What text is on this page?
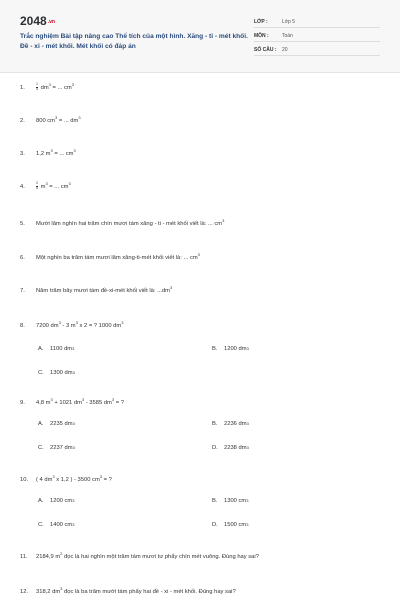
2048.vn
Trắc nghiệm Bài tập nâng cao Thể tích của một hình. Xăng - ti - mét khối. Đề - xi - mét khối. Mét khối có đáp án
LỚP :	Lớp 5
MÔN :	Toán
SỐ CÂU :	20
1.	$\frac{1}{4} dm^3$ = ... $cm^3$
2.	800 $cm^3$ = ... $dm^3$
3.	1,2 $m^3$ = ... $cm^3$
4.	$\frac{2}{5} m^3$ = ... $cm^3$
5.	Mười lăm nghìn hai trăm chín mươi tám xăng - ti - mét khối viết là: ... $cm^3$
6.	Một nghìn ba trăm tám mươi lăm xăng-ti-mét khối viết là: ... $cm^3$
7.	Năm trăm bảy mươi tám đề-xi-mét khối viết là: $...dm^3$
8.	7200 $dm^3 - 3$ $m^3$ x 2 = ? 1000 $dm^3$
A.	1100 dm 3	B.	1200 dm 3
C.	1300 dm 3
9.	4,8 $m^3 + 1021$ $dm^3 - 3585$ $dm^3$ = ?
A.	2235 dm 3	B.	2236 dm 3
C.	2237 dm 3	D.	2238 dm 3
10.	( 4 $dm^3$ x 1,2 ) - 3500 $cm^3$ = ?
A.	1200 cm 3	B.	1300 cm 3
C.	1400 cm 3	D.	1500 cm 3
11.	2184,9 $m^2$ đọc là hai nghìn một trăm tám mươi tư phẩy chín mét vuông. Đúng hay sai?
12.	318,2 $dm^3$ đọc là ba trăm mười tám phẩy hai đề - xi - mét khối. Đúng hay sai?
